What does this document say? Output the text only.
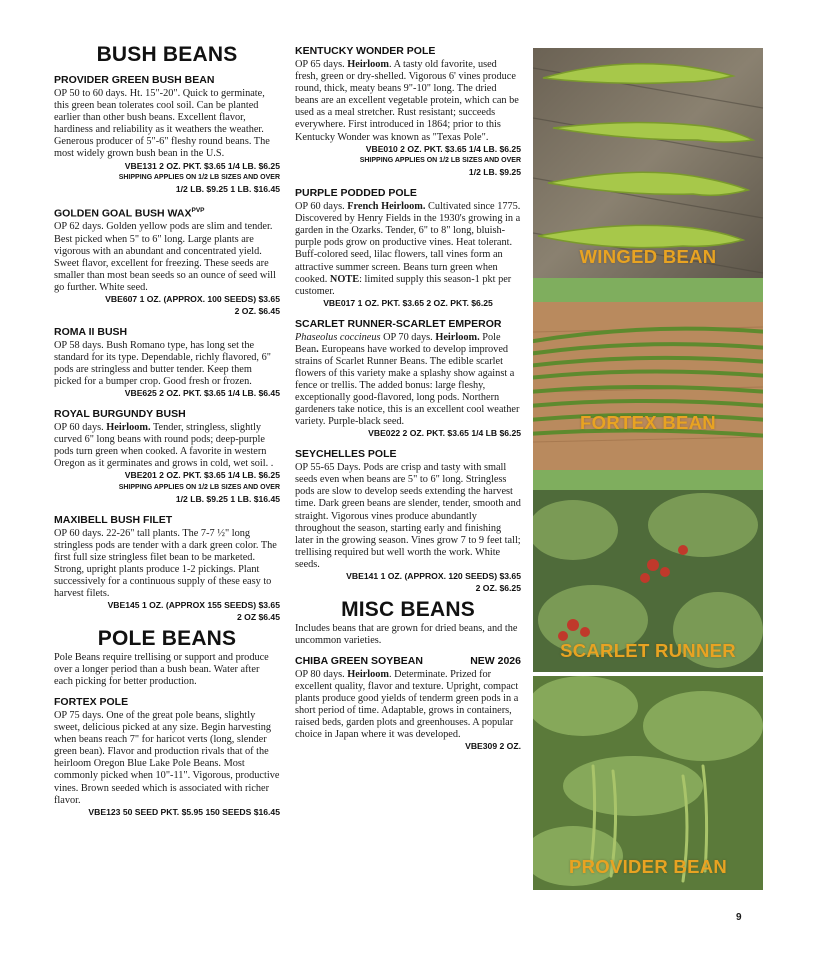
BUSH BEANS
PROVIDER GREEN BUSH BEAN
OP 50 to 60 days. Ht. 15"-20". Quick to germinate, this green bean tolerates cool soil. Can be planted earlier than other bush beans. Excellent flavor, hardiness and reliability as it weathers the weather. Generous producer of 5"-6" fleshy round beans. The most widely grown bush bean in the U.S.
VBE131 2 OZ. PKT. $3.65 1/4 LB. $6.25
SHIPPING APPLIES ON 1/2 LB SIZES AND OVER
1/2 LB. $9.25 1 LB. $16.45
GOLDEN GOAL BUSH $WAX^{PVP}$
OP 62 days. Golden yellow pods are slim and tender. Best picked when 5" to 6" long. Large plants are vigorous with an abundant and concentrated yield. Sweet flavor, excellent for freezing. These seeds are smaller than most bean seeds so an ounce of seed will go further. White seed.
VBE607 1 OZ. (APPROX. 100 SEEDS) $3.65
2 OZ. $6.45
ROMA II BUSH
OP 58 days. Bush Romano type, has long set the standard for its type. Dependable, richly flavored, 6" pods are stringless and butter tender. Keep them picked for a bumper crop. Good fresh or frozen.
VBE625 2 OZ. PKT. $3.65 1/4 LB. $6.45
ROYAL BURGUNDY BUSH
OP 60 days. Heirloom. Tender, stringless, slightly curved 6" long beans with round pods; deep-purple pods turn green when cooked. A favorite in western Oregon as it germinates and grows in cold, wet soil. .
VBE201 2 OZ. PKT. $3.65 1/4 LB. $6.25
SHIPPING APPLIES ON 1/2 LB SIZES AND OVER
1/2 LB. $9.25 1 LB. $16.45
MAXIBELL BUSH FILET
OP 60 days. 22-26" tall plants. The 7-7 ½" long stringless pods are tender with a dark green color. The first full size stringless filet bean to be marketed. Strong, upright plants produce 1-2 pickings. Plant successively for a continuous supply of these easy to harvest filets.
VBE145 1 OZ. (APPROX 155 SEEDS) $3.65
2 OZ $6.45
POLE BEANS
Pole Beans require trellising or support and produce over a longer period than a bush bean. Water after each picking for better production.
FORTEX POLE
OP 75 days. One of the great pole beans, slightly sweet, delicious picked at any size. Begin harvesting when beans reach 7" for haricot verts (long, slender green bean). Flavor and production rivals that of the heirloom Oregon Blue Lake Pole Beans. Most commonly picked when 10"-11". Vigorous, productive vines. Brown seeded which is associated with richer flavor.
VBE123 50 SEED PKT. $5.95 150 SEEDS $16.45
KENTUCKY WONDER POLE
OP 65 days. Heirloom. A tasty old favorite, used fresh, green or dry-shelled. Vigorous 6' vines produce round, thick, meaty beans 9"-10" long. The dried beans are an excellent vegetable protein, which can be used as a meal stretcher. Rust resistant; succeeds everywhere. First introduced in 1864; prior to this Kentucky Wonder was known as "Texas Pole".
VBE010 2 OZ. PKT. $3.65 1/4 LB. $6.25
SHIPPING APPLIES ON 1/2 LB SIZES AND OVER
1/2 LB. $9.25
PURPLE PODDED POLE
OP 60 days. French Heirloom. Cultivated since 1775. Discovered by Henry Fields in the 1930's growing in a garden in the Ozarks. Tender, 6" to 8" long, bluish-purple pods grow on productive vines. Heat tolerant. Buff-colored seed, lilac flowers, tall vines form an attractive summer screen. Beans turn green when cooked. NOTE: limited supply this season-1 pkt per customer.
VBE017 1 OZ. PKT. $3.65 2 OZ. PKT. $6.25
SCARLET RUNNER-SCARLET EMPEROR
Phaseolus coccineus OP 70 days. Heirloom. Pole Bean. Europeans have worked to develop improved strains of Scarlet Runner Beans. The edible scarlet flowers of this variety make a splashy show against a fence or trellis. The added bonus: large fleshy, exceptionally good-flavored, long pods. Northern gardeners take notice, this is an excellent cool weather variety. Purple-black seed.
VBE022 2 OZ. PKT. $3.65 1/4 LB $6.25
SEYCHELLES POLE
OP 55-65 Days. Pods are crisp and tasty with small seeds even when beans are 5" to 6" long. Stringless pods are slow to develop seeds extending the harvest time. Dark green beans are slender, tender, smooth and straight. Vigorous vines produce abundantly throughout the season, starting early and finishing later in the growing season. Vines grow 7 to 9 feet tall; trellising required but well worth the work. White seeds.
VBE141 1 OZ. (APPROX. 120 SEEDS) $3.65
2 OZ. $6.25
MISC BEANS
Includes beans that are grown for dried beans, and the uncommon varieties.
CHIBA GREEN SOYBEAN	NEW 2026
OP 80 days. Heirloom. Determinate. Prized for excellent quality, flavor and texture. Upright, compact plants produce good yields of tenderm green pods in a short period of time. Adaptable, grows in containers, raised beds, garden plots and greenhouses. A popular choice in Japan where it was developed.
VBE309 2 OZ.
WINGED BEAN
FORTEX BEAN
SCARLET RUNNER
PROVIDER BEAN
9
